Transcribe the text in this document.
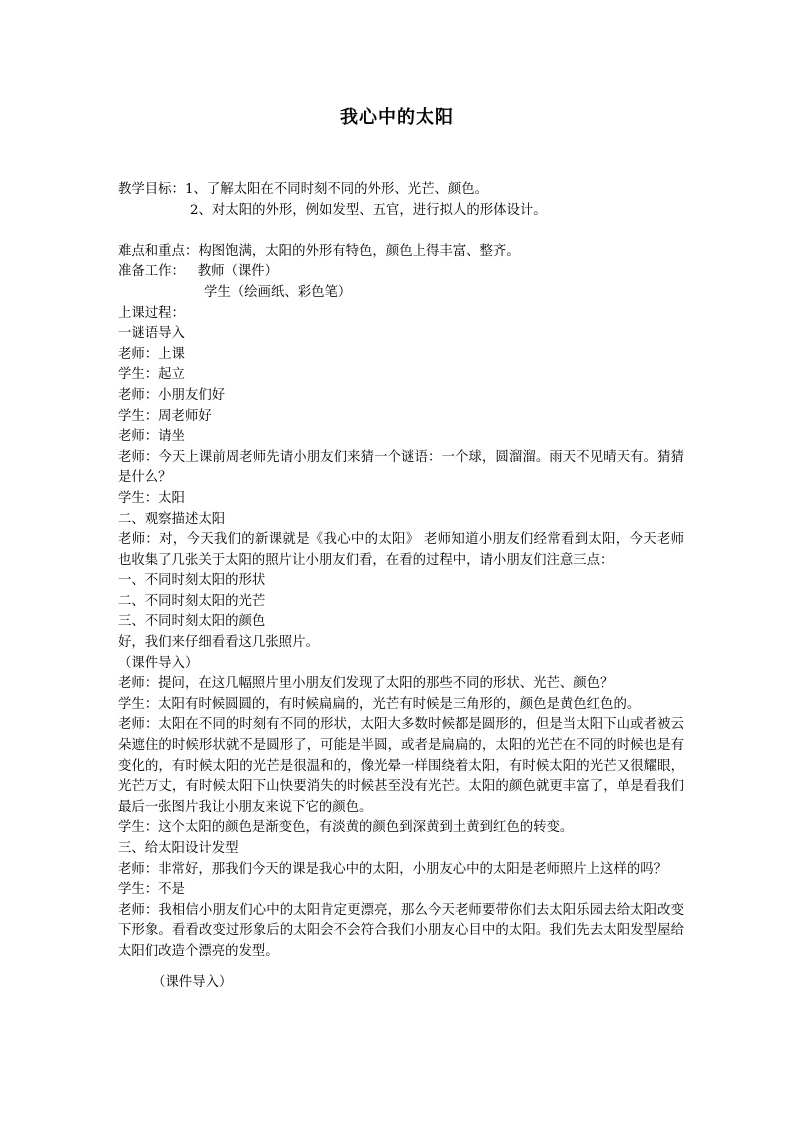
我心中的太阳
教学目标：1、了解太阳在不同时刻不同的外形、光芒、颜色。
2、对太阳的外形，例如发型、五官，进行拟人的形体设计。
难点和重点：构图饱满，太阳的外形有特色，颜色上得丰富、整齐。
准备工作：   教师（课件）
学生（绘画纸、彩色笔）
上课过程：
一谜语导入
老师：上课
学生：起立
老师：小朋友们好
学生：周老师好
老师：请坐
老师：今天上课前周老师先请小朋友们来猜一个谜语：一个球，圆溜溜。雨天不见晴天有。猜猜是什么？
学生：太阳
二、观察描述太阳
老师：对，今天我们的新课就是《我心中的太阳》 老师知道小朋友们经常看到太阳，今天老师也收集了几张关于太阳的照片让小朋友们看，在看的过程中，请小朋友们注意三点：
一、不同时刻太阳的形状
二、不同时刻太阳的光芒
三、不同时刻太阳的颜色
好，我们来仔细看看这几张照片。
（课件导入）
老师：提问，在这几幅照片里小朋友们发现了太阳的那些不同的形状、光芒、颜色？
学生：太阳有时候圆圆的，有时候扁扁的，光芒有时候是三角形的，颜色是黄色红色的。
老师：太阳在不同的时刻有不同的形状，太阳大多数时候都是圆形的，但是当太阳下山或者被云朵遮住的时候形状就不是圆形了，可能是半圆，或者是扁扁的，太阳的光芒在不同的时候也是有变化的，有时候太阳的光芒是很温和的，像光晕一样围绕着太阳，有时候太阳的光芒又很耀眼，光芒万丈，有时候太阳下山快要消失的时候甚至没有光芒。太阳的颜色就更丰富了，单是看我们最后一张图片我让小朋友来说下它的颜色。
学生：这个太阳的颜色是渐变色，有淡黄的颜色到深黄到土黄到红色的转变。
三、给太阳设计发型
老师：非常好，那我们今天的课是我心中的太阳，小朋友心中的太阳是老师照片上这样的吗？
学生：不是
老师：我相信小朋友们心中的太阳肯定更漂亮，那么今天老师要带你们去太阳乐园去给太阳改变下形象。看看改变过形象后的太阳会不会符合我们小朋友心目中的太阳。我们先去太阳发型屋给太阳们改造个漂亮的发型。
（课件导入）
